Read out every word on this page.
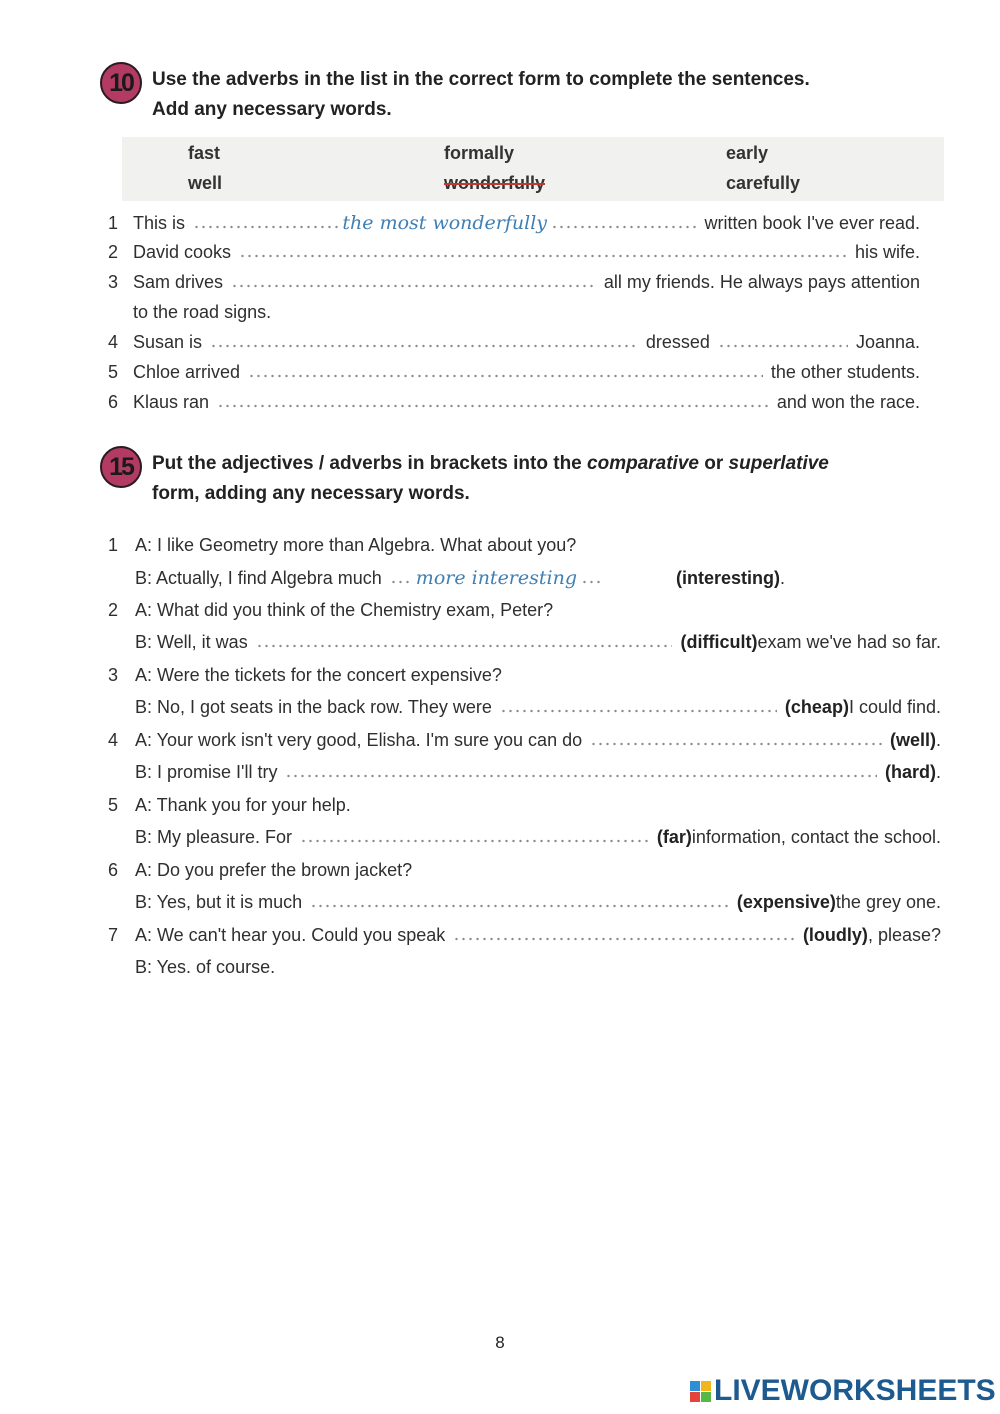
10	Use the adverbs in the list in the correct form to complete the sentences.

Add any necessary words.

fast	formally	early
well	wonderfully	carefully
1 This is	the most wonderfully	written book I've ever read.
2 David cooks	his wife.
3 Sam drives	all my friends. He always pays attention
to the road signs.
4 Susan is	dressed	Joanna.
5 Chloe arrived	the other students.
6 Klaus ran	and won the race.
15	Put the adjectives / adverbs in brackets into the comparative or superlative

form, adding any necessary words.

1 A: I like Geometry more than Algebra. What about you?
B: Actually, I find Algebra much more interesting	(interesting) .
2 A: What did you think of the Chemistry exam, Peter?
B: Well, it was	(difficult) exam we've had so far.
3 A: Were the tickets for the concert expensive?
B: No, I got seats in the back row. They were	(cheap) I could find.
4 A: Your work isn't very good, Elisha. I'm sure you can do	(well) .
B: I promise I'll try	(hard) .
5 A: Thank you for your help.
B: My pleasure. For	(far) information, contact the school.
6 A: Do you prefer the brown jacket?
B: Yes, but it is much	(expensive) the grey one.
7 A: We can't hear you. Could you speak	(loudly) , please?
B: Yes. of course.
8
LIVEWORKSHEETS
